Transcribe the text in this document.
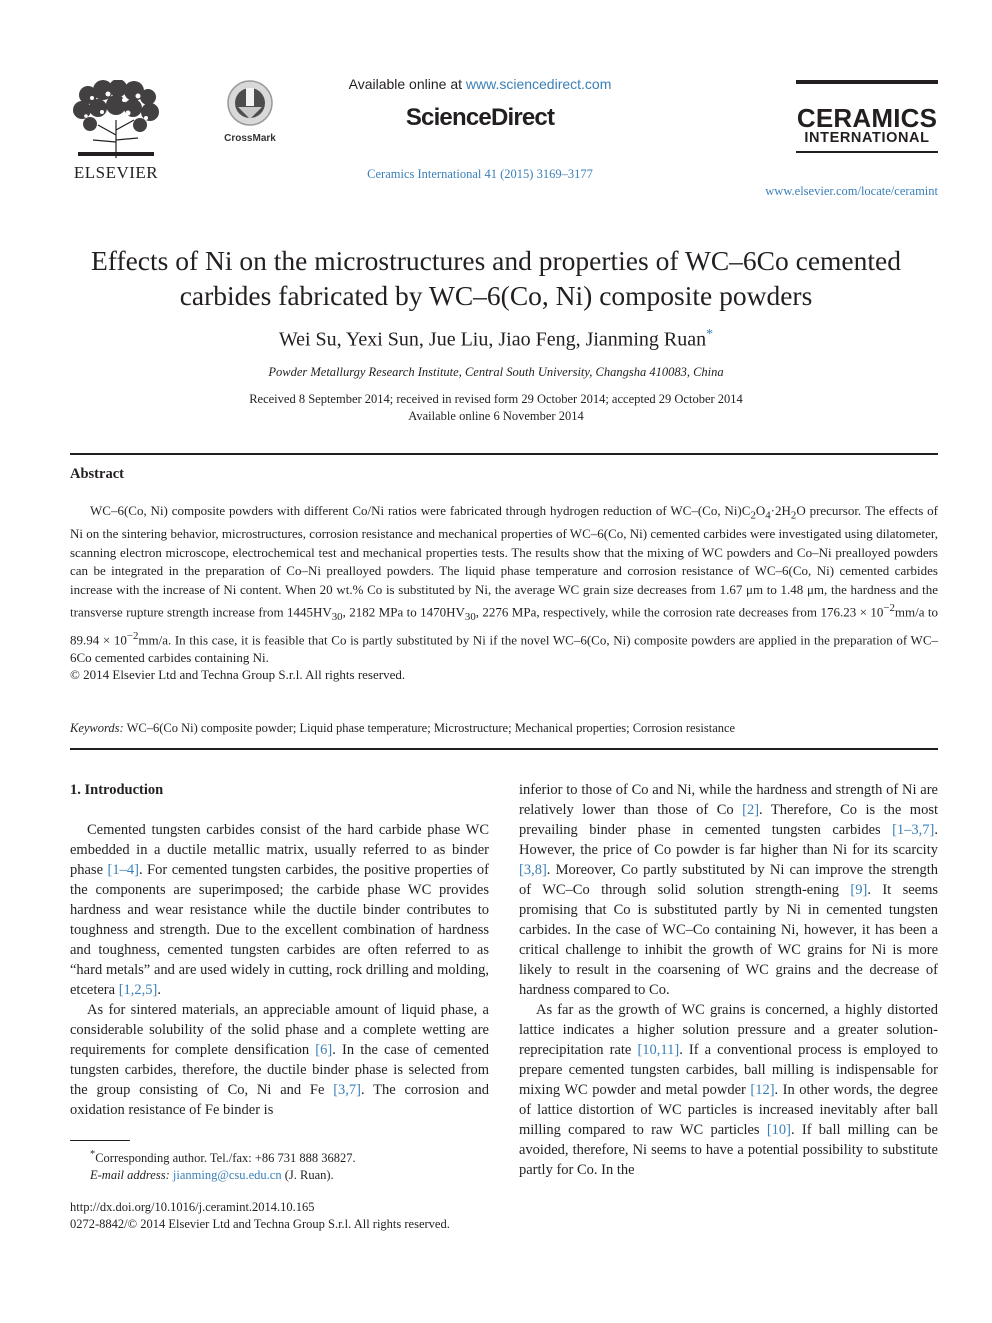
ELSEVIER
CrossMark
Available online at www.sciencedirect.com
ScienceDirect
Ceramics International 41 (2015) 3169–3177
CERAMICS
INTERNATIONAL
www.elsevier.com/locate/ceramint
Effects of Ni on the microstructures and properties of WC–6Co cemented
carbides fabricated by WC–6(Co, Ni) composite powders
Wei Su, Yexi Sun, Jue Liu, Jiao Feng, Jianming Ruan*
Powder Metallurgy Research Institute, Central South University, Changsha 410083, China
Received 8 September 2014; received in revised form 29 October 2014; accepted 29 October 2014
Available online 6 November 2014
Abstract
WC–6(Co, Ni) composite powders with different Co/Ni ratios were fabricated through hydrogen reduction of WC–(Co, $Ni)C_2O_4\cdot 2H_2O$ precursor. The effects of Ni on the sintering behavior, microstructures, corrosion resistance and mechanical properties of WC–6(Co, Ni) cemented carbides were investigated using dilatometer, scanning electron microscope, electrochemical test and mechanical properties tests. The results show that the mixing of WC powders and Co–Ni prealloyed powders can be integrated in the preparation of Co–Ni prealloyed powders. The liquid phase temperature and corrosion resistance of WC–6(Co, Ni) cemented carbides increase with the increase of Ni content. When 20 wt.% Co is substituted by Ni, the average WC grain size decreases from 1.67 μm to 1.48 μm, the hardness and the transverse rupture strength increase from $1445HV_{30}$, 2182 MPa to $1470HV_{30}$, 2276 MPa, respectively, while the corrosion rate decreases from $176.23 \times 10^{-2}mm/a$ to $89.94 \times 10^{-2}mm/a$. In this case, it is feasible that Co is partly substituted by Ni if the novel WC–6(Co, Ni) composite powders are applied in the preparation of WC–6Co cemented carbides containing Ni.
© 2014 Elsevier Ltd and Techna Group S.r.l. All rights reserved.
Keywords: WC–6(Co Ni) composite powder; Liquid phase temperature; Microstructure; Mechanical properties; Corrosion resistance

1. Introduction

Cemented tungsten carbides consist of the hard carbide phase WC embedded in a ductile metallic matrix, usually referred to as binder phase [1–4]. For cemented tungsten carbides, the positive properties of the components are superimposed; the carbide phase WC provides hardness and wear resistance while the ductile binder contributes to toughness and strength. Due to the excellent combination of hardness and toughness, cemented tungsten carbides are often referred to as “hard metals” and are used widely in cutting, rock drilling and molding, etcetera [1,2,5].

As for sintered materials, an appreciable amount of liquid phase, a considerable solubility of the solid phase and a complete wetting are requirements for complete densification [6]. In the case of cemented tungsten carbides, therefore, the ductile binder phase is selected from the group consisting of Co, Ni and Fe [3,7]. The corrosion and oxidation resistance of Fe binder is

inferior to those of Co and Ni, while the hardness and strength of Ni are relatively lower than those of Co [2]. Therefore, Co is the most prevailing binder phase in cemented tungsten carbides [1–3,7]. However, the price of Co powder is far higher than Ni for its scarcity [3,8]. Moreover, Co partly substituted by Ni can improve the strength of WC–Co through solid solution strength-ening [9]. It seems promising that Co is substituted partly by Ni in cemented tungsten carbides. In the case of WC–Co containing Ni, however, it has been a critical challenge to inhibit the growth of WC grains for Ni is more likely to result in the coarsening of WC grains and the decrease of hardness compared to Co.

As far as the growth of WC grains is concerned, a highly distorted lattice indicates a higher solution pressure and a greater solution-reprecipitation rate [10,11]. If a conventional process is employed to prepare cemented tungsten carbides, ball milling is indispensable for mixing WC powder and metal powder [12]. In other words, the degree of lattice distortion of WC particles is increased inevitably after ball milling compared to raw WC particles [10]. If ball milling can be avoided, therefore, Ni seems to have a potential possibility to substitute partly for Co. In the

*Corresponding author. Tel./fax: +86 731 888 36827.
E-mail address: jianming@csu.edu.cn (J. Ruan).
http://dx.doi.org/10.1016/j.ceramint.2014.10.165
0272-8842/© 2014 Elsevier Ltd and Techna Group S.r.l. All rights reserved.
